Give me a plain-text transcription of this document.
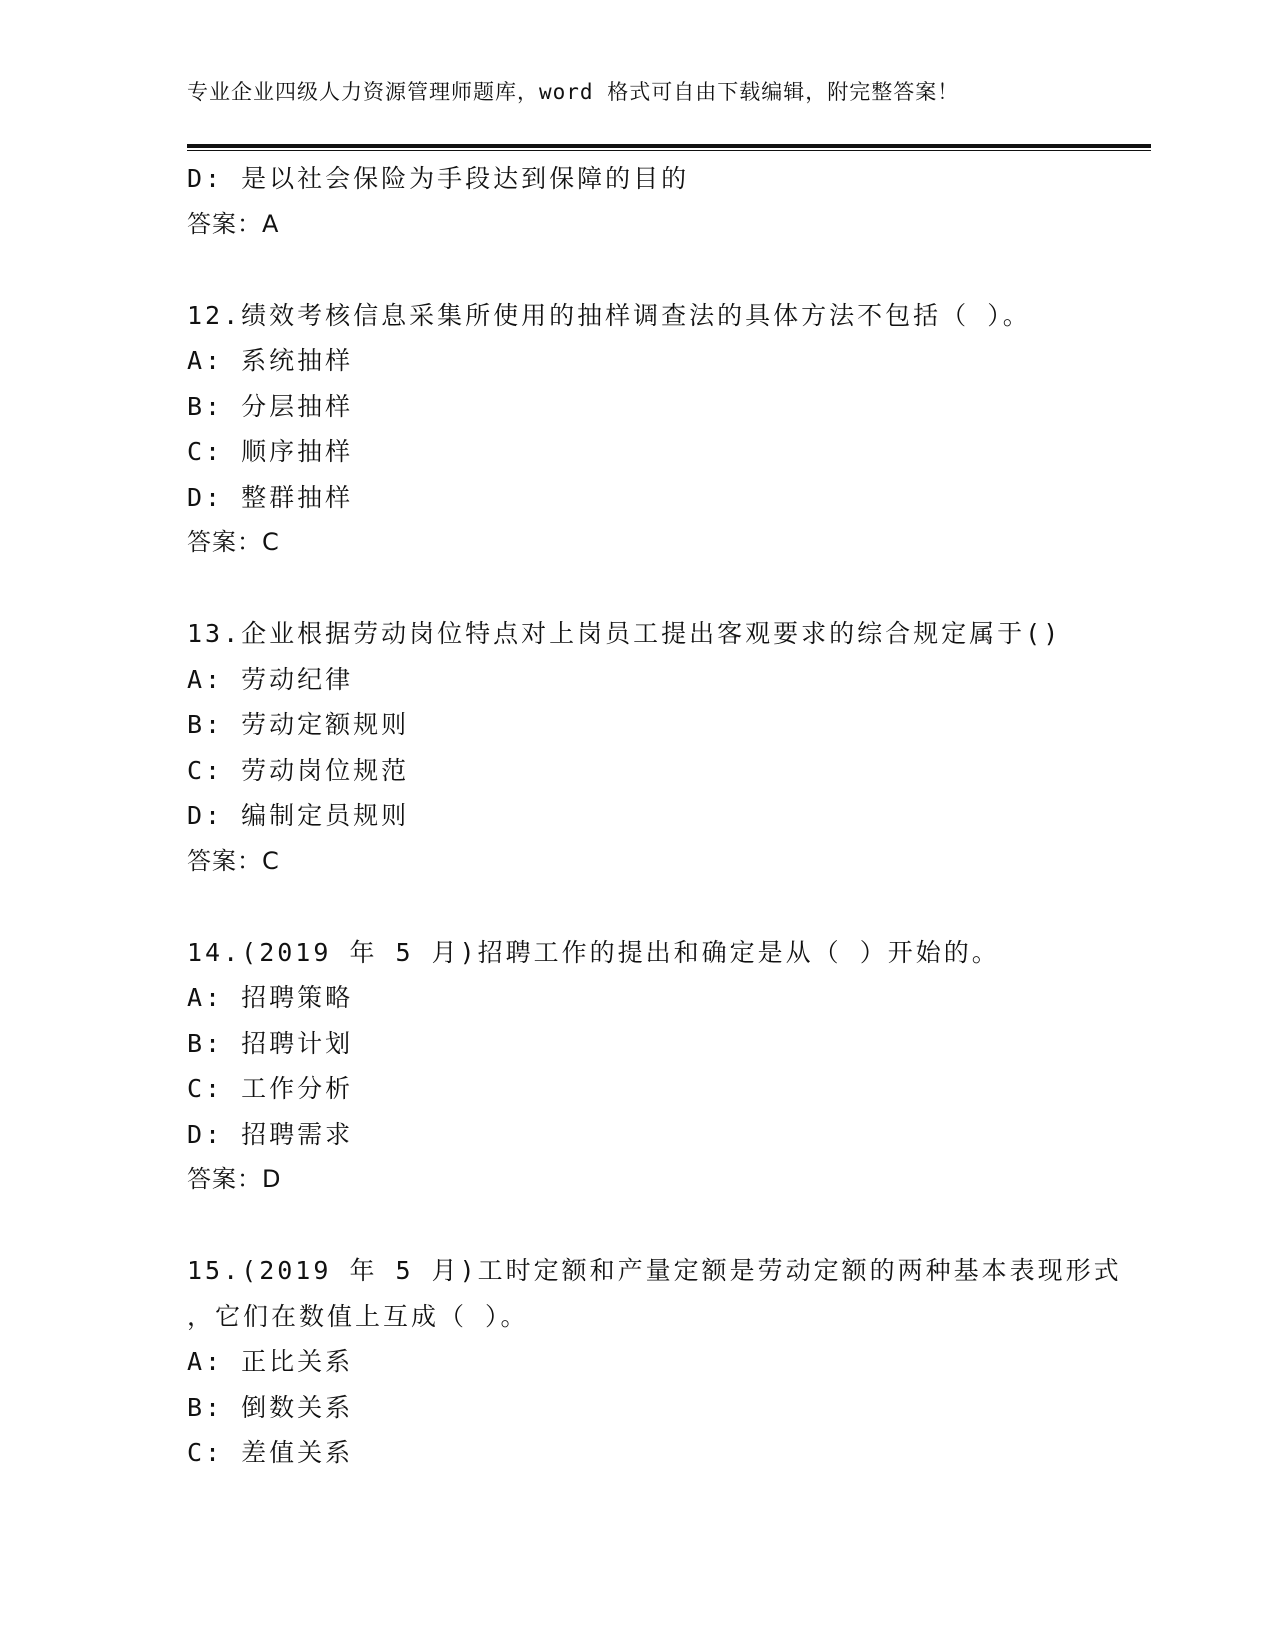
专业企业四级人力资源管理师题库，word 格式可自由下载编辑，附完整答案！
D: 是以社会保险为手段达到保障的目的
答案：A
12.绩效考核信息采集所使用的抽样调查法的具体方法不包括（ ）。
A: 系统抽样
B: 分层抽样
C: 顺序抽样
D: 整群抽样
答案：C
13.企业根据劳动岗位特点对上岗员工提出客观要求的综合规定属于()
A: 劳动纪律
B: 劳动定额规则
C: 劳动岗位规范
D: 编制定员规则
答案：C
14.(2019 年 5 月)招聘工作的提出和确定是从（ ）开始的。
A: 招聘策略
B: 招聘计划
C: 工作分析
D: 招聘需求
答案：D
15.(2019 年 5 月)工时定额和产量定额是劳动定额的两种基本表现形式
，它们在数值上互成（ ）。
A: 正比关系
B: 倒数关系
C: 差值关系
